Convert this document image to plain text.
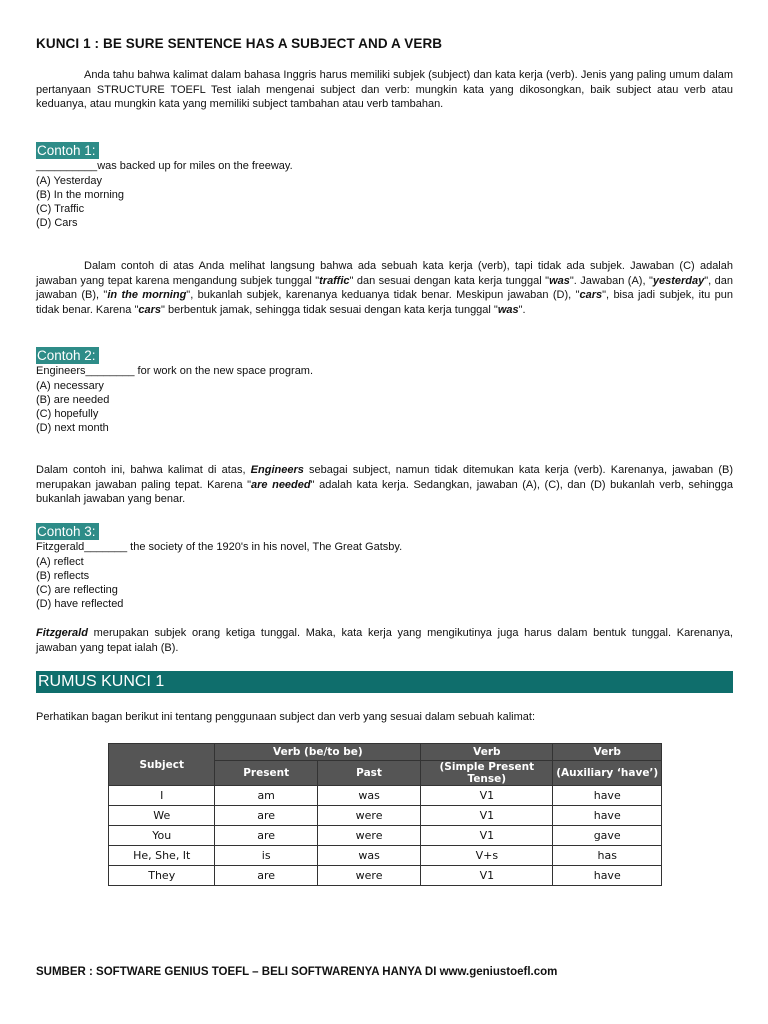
KUNCI 1 : BE SURE SENTENCE HAS A SUBJECT AND A VERB
Anda tahu bahwa kalimat dalam bahasa Inggris harus memiliki subjek (subject) dan kata kerja (verb). Jenis yang paling umum dalam pertanyaan STRUCTURE TOEFL Test ialah mengenai subject dan verb: mungkin kata yang dikosongkan, baik subject atau verb atau keduanya, atau mungkin kata yang memiliki subject tambahan atau verb tambahan.
Contoh 1:
__________was backed up for miles on the freeway.
(A) Yesterday
(B) In the morning
(C) Traffic
(D) Cars

Dalam contoh di atas Anda melihat langsung bahwa ada sebuah kata kerja (verb), tapi tidak ada subjek. Jawaban (C) adalah jawaban yang tepat karena mengandung subjek tunggal "traffic" dan sesuai dengan kata kerja tunggal "was". Jawaban (A), "yesterday", dan jawaban (B), "in the morning", bukanlah subjek, karenanya keduanya tidak benar. Meskipun jawaban (D), "cars", bisa jadi subjek, itu pun tidak benar. Karena "cars" berbentuk jamak, sehingga tidak sesuai dengan kata kerja tunggal "was".

Contoh 2:
Engineers________ for work on the new space program.
(A) necessary
(B) are needed
(C) hopefully
(D) next month

Dalam contoh ini, bahwa kalimat di atas, Engineers sebagai subject, namun tidak ditemukan kata kerja (verb). Karenanya, jawaban (B) merupakan jawaban paling tepat. Karena "are needed" adalah kata kerja. Sedangkan, jawaban (A), (C), dan (D) bukanlah verb, sehingga bukanlah jawaban yang benar.

Contoh 3:
Fitzgerald_______ the society of the 1920's in his novel, The Great Gatsby.
(A) reflect
(B) reflects
(C) are reflecting
(D) have reflected

Fitzgerald merupakan subjek orang ketiga tunggal. Maka, kata kerja yang mengikutinya juga harus dalam bentuk tunggal. Karenanya, jawaban yang tepat ialah (B).

RUMUS KUNCI 1
Perhatikan bagan berikut ini tentang penggunaan subject dan verb yang sesuai dalam sebuah kalimat:
Subject	Verb (be/to be)		Verb	Verb
	Present	Past	(Simple Present Tense)	(Auxiliary ‘have’)
I	am	was	V1	have
We	are	were	V1	have
You	are	were	V1	gave
He, She, It	is	was	V+s	has
They	are	were	V1	have
SUMBER : SOFTWARE GENIUS TOEFL – BELI SOFTWARENYA HANYA DI www.geniustoefl.com
